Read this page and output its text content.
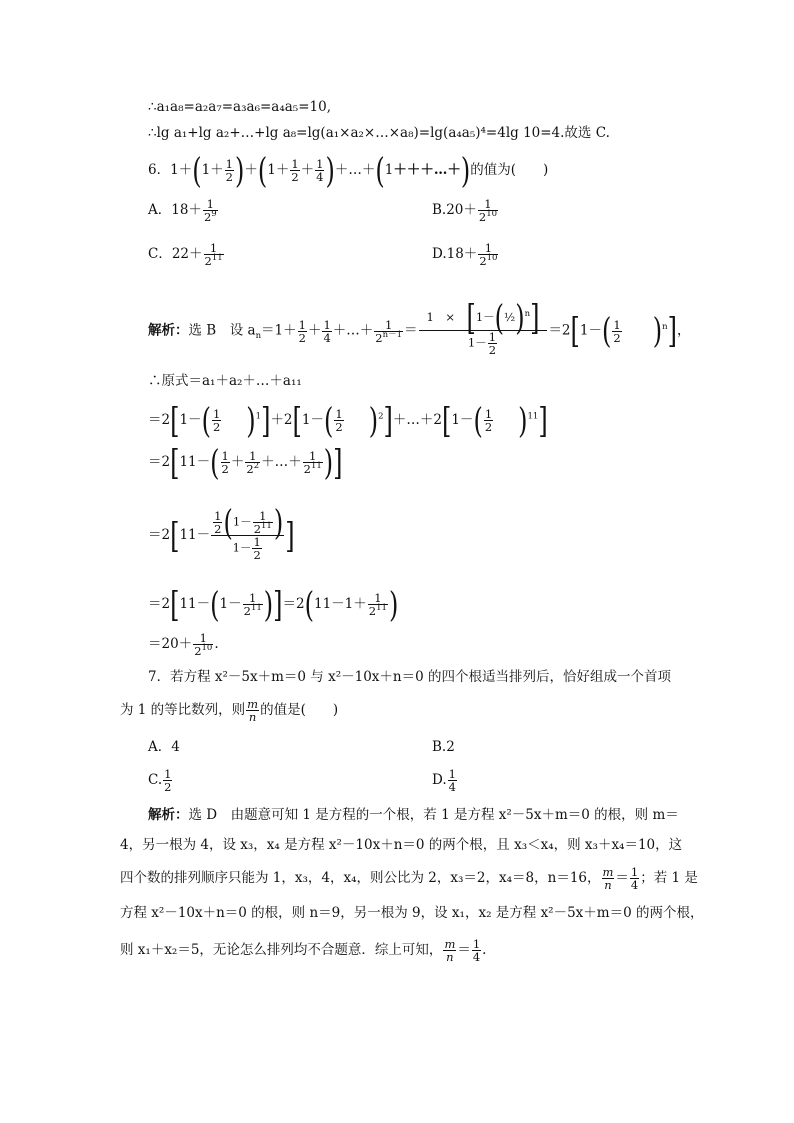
∴a₁a₈=a₂a₇=a₃a₆=a₄a₅=10,
∴lg a₁+lg a₂+…+lg a₈=lg(a₁×a₂×…×a₈)=lg(a₄a₅)⁴=4lg 10=4.故选 C.
6．$1+(1+ \frac{1}{2} )+(1+ \frac{1}{2} + \frac{1}{4}$ )＋…＋(1＋＋＋…＋)的值为(　　)
A．$18+ \frac{1}{2^9}$	$B.20+ \frac{1}{2^{10}}$
C．$22+ \frac{1}{2^{11}}$	$D.18+ \frac{1}{2^{10}}$
解析：选 B　设 $a_n=1+ \frac{1}{2} + \frac{1}{4}$ ＋…＋ $\frac{1}{2^{n-1}} = \frac{1 \times [1-(\frac{1}{2})^n]}{1- \frac{1}{2}} =2[1-( \frac{1}{2} )^n]$，
∴原式＝a₁＋a₂＋…＋a₁₁
$=2[1-( \frac{1}{2} )^1]+2[1-( \frac{1}{2}$ )$^2]+\dots+2[1-( \frac{1}{2} )^{11}]$
$=2[11-( \frac{1}{2} + \frac{1}{2^2}$ ＋…＋ $\frac{1}{2^{11}}$ )]
$=2[11- \frac{\frac{1}{2} (1- \frac{1}{2^{11}} )}{1- \frac{1}{2}}$ ]
$=2[11-(1- \frac{1}{2^{11}} )]=2(11-1+ \frac{1}{2^{11}}$ )
$=20+ \frac{1}{2^{10}}$ .
7．若方程 x²－5x＋m＝0 与 x²－10x＋n＝0 的四个根适当排列后，恰好组成一个首项
为 1 的等比数列，则 $\frac{m}{n}$ 的值是(　　)
A．4	B.2
C. $\frac{1}{2}$	D. $\frac{1}{4}$
解析：选 D　由题意可知 1 是方程的一个根，若 1 是方程 x²－5x＋m＝0 的根，则 m＝
4，另一根为 4，设 x₃，x₄ 是方程 x²－10x＋n＝0 的两个根，且 x₃＜x₄，则 x₃＋x₄＝10，这
四个数的排列顺序只能为 1，x₃，4，x₄，则公比为 2，x₃＝2，x₄＝8，n＝16， $\frac{m}{n} = \frac{1}{4}$ ；若 1 是
方程 x²－10x＋n＝0 的根，则 n＝9，另一根为 9，设 x₁，x₂ 是方程 x²－5x＋m＝0 的两个根，
则 x₁＋x₂＝5，无论怎么排列均不合题意．综上可知， $\frac{m}{n} = \frac{1}{4}$ .
